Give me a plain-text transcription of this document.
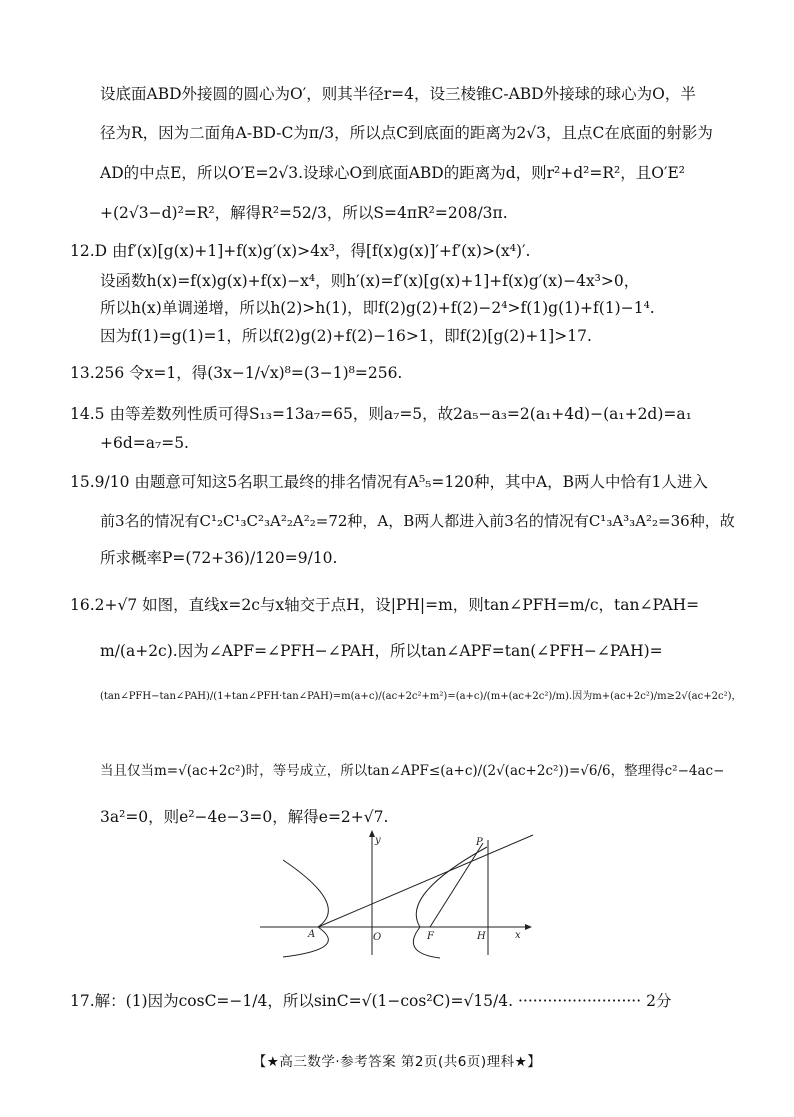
设底面ABD外接圆的圆心为O′，则其半径r=4，设三棱锥C-ABD外接球的球心为O，半
径为R，因为二面角A-BD-C为π/3，所以点C到底面的距离为2√3，且点C在底面的射影为
AD的中点E，所以O′E=2√3.设球心O到底面ABD的距离为d，则r²+d²=R²，且O′E²
+(2√3−d)²=R²，解得R²=52/3，所以S=4πR²=208/3π.
12.D 由f′(x)[g(x)+1]+f(x)g′(x)>4x³，得[f(x)g(x)]′+f′(x)>(x⁴)′.
设函数h(x)=f(x)g(x)+f(x)−x⁴，则h′(x)=f′(x)[g(x)+1]+f(x)g′(x)−4x³>0，
所以h(x)单调递增，所以h(2)>h(1)，即f(2)g(2)+f(2)−2⁴>f(1)g(1)+f(1)−1⁴.
因为f(1)=g(1)=1，所以f(2)g(2)+f(2)−16>1，即f(2)[g(2)+1]>17.
13.256 令x=1，得(3x−1/√x)⁸=(3−1)⁸=256.
14.5 由等差数列性质可得S₁₃=13a₇=65，则a₇=5，故2a₅−a₃=2(a₁+4d)−(a₁+2d)=a₁
+6d=a₇=5.
15.9/10 由题意可知这5名职工最终的排名情况有A⁵₅=120种，其中A，B两人中恰有1人进入
前3名的情况有C¹₂C¹₃C²₃A²₂A²₂=72种，A，B两人都进入前3名的情况有C¹₃A³₃A²₂=36种，故
所求概率P=(72+36)/120=9/10.
16.2+√7 如图，直线x=2c与x轴交于点H，设|PH|=m，则tan∠PFH=m/c，tan∠PAH=
m/(a+2c).因为∠APF=∠PFH−∠PAH，所以tan∠APF=tan(∠PFH−∠PAH)=
(tan∠PFH−tan∠PAH)/(1+tan∠PFH·tan∠PAH)=m(a+c)/(ac+2c²+m²)=(a+c)/(m+(ac+2c²)/m).因为m+(ac+2c²)/m≥2√(ac+2c²)，
当且仅当m=√(ac+2c²)时，等号成立，所以tan∠APF≤(a+c)/(2√(ac+2c²))=√6/6，整理得c²−4ac−
3a²=0，则e²−4e−3=0，解得e=2+√7.
17.解：(1)因为cosC=−1/4，所以sinC=√(1−cos²C)=√15/4. ························· 2分
y	P
A	O	F	H	x
【★高三数学·参考答案 第2页(共6页)理科★】
